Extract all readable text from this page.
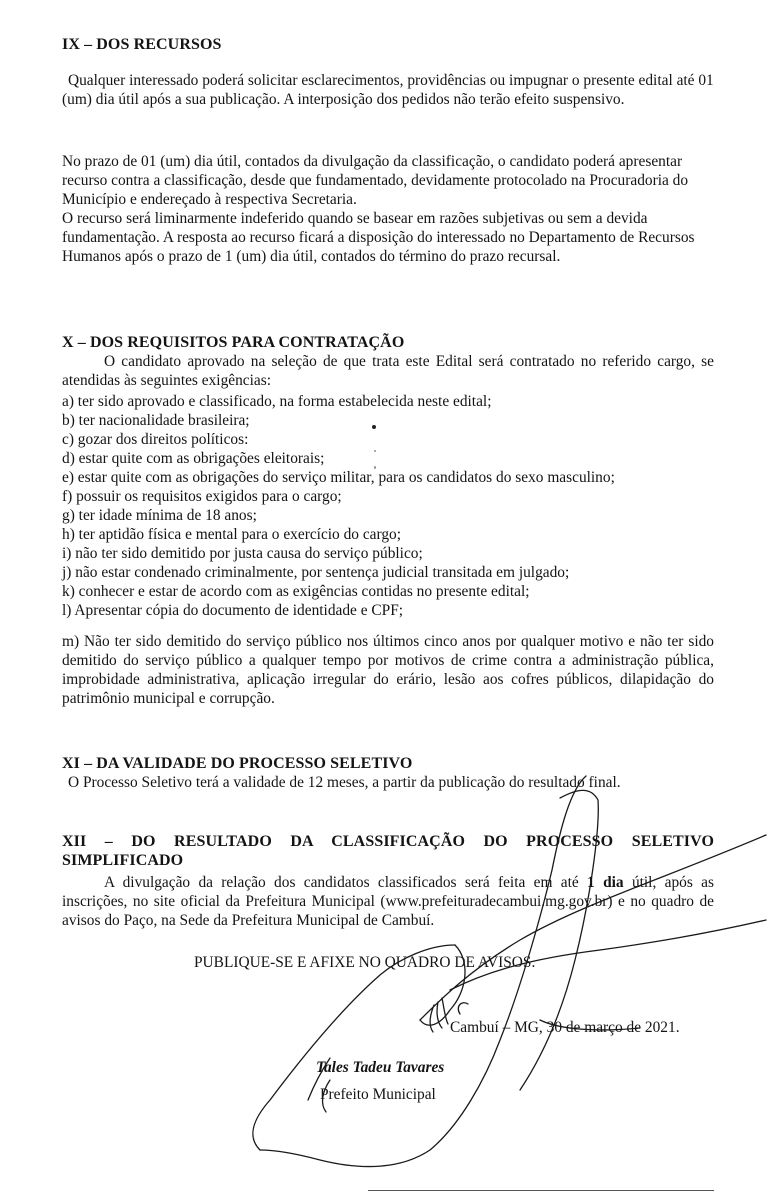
IX – DOS RECURSOS

Qualquer interessado poderá solicitar esclarecimentos, providências ou impugnar o presente edital até 01 (um) dia útil após a sua publicação. A interposição dos pedidos não terão efeito suspensivo.

No prazo de 01 (um) dia útil, contados da divulgação da classificação, o candidato poderá apresentar recurso contra a classificação, desde que fundamentado, devidamente protocolado na Procuradoria do Município e endereçado à respectiva Secretaria.

O recurso será liminarmente indeferido quando se basear em razões subjetivas ou sem a devida fundamentação. A resposta ao recurso ficará a disposição do interessado no Departamento de Recursos Humanos após o prazo de 1 (um) dia útil, contados do término do prazo recursal.

X – DOS REQUISITOS PARA CONTRATAÇÃO

O candidato aprovado na seleção de que trata este Edital será contratado no referido cargo, se atendidas às seguintes exigências:

a) ter sido aprovado e classificado, na forma estabelecida neste edital;
b) ter nacionalidade brasileira;
c) gozar dos direitos políticos:
d) estar quite com as obrigações eleitorais;
e) estar quite com as obrigações do serviço militar, para os candidatos do sexo masculino;
f) possuir os requisitos exigidos para o cargo;
g) ter idade mínima de 18 anos;
h) ter aptidão física e mental para o exercício do cargo;
i) não ter sido demitido por justa causa do serviço público;
j) não estar condenado criminalmente, por sentença judicial transitada em julgado;
k) conhecer e estar de acordo com as exigências contidas no presente edital;
l) Apresentar cópia do documento de identidade e CPF;

m) Não ter sido demitido do serviço público nos últimos cinco anos por qualquer motivo e não ter sido demitido do serviço público a qualquer tempo por motivos de crime contra a administração pública, improbidade administrativa, aplicação irregular do erário, lesão aos cofres públicos, dilapidação do patrimônio municipal e corrupção.

XI – DA VALIDADE DO PROCESSO SELETIVO

O Processo Seletivo terá a validade de 12 meses, a partir da publicação do resultado final.

XII – DO RESULTADO DA CLASSIFICAÇÃO DO PROCESSO SELETIVO
SIMPLIFICADO

A divulgação da relação dos candidatos classificados será feita em até 1 dia útil, após as inscrições, no site oficial da Prefeitura Municipal (www.prefeituradecambui.mg.gov.br) e no quadro de avisos do Paço, na Sede da Prefeitura Municipal de Cambuí.

PUBLIQUE-SE E AFIXE NO QUADRO DE AVISOS.
Cambuí – MG, 30 de março de 2021.
Tales Tadeu Tavares
Prefeito Municipal
